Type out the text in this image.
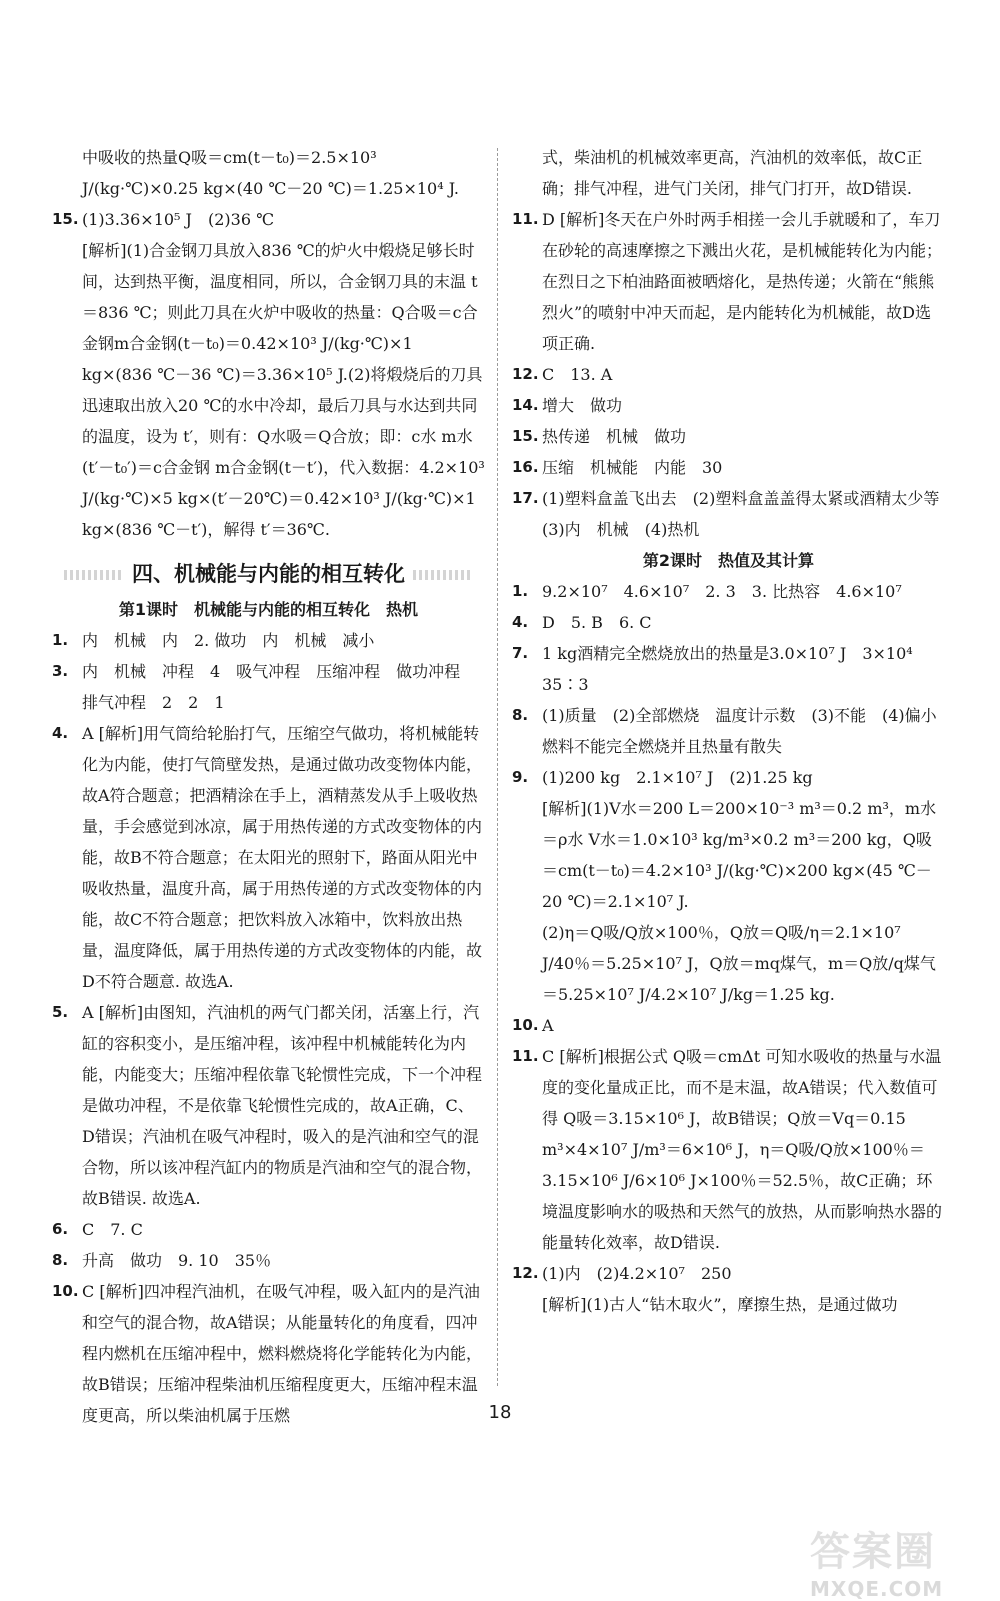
中吸收的热量Q吸＝cm(t－t₀)＝2.5×10³ J/(kg·℃)×0.25 kg×(40 ℃－20 ℃)＝1.25×10⁴ J.
15. (1)3.36×10⁵ J　(2)36 ℃
[解析](1)合金钢刀具放入836 ℃的炉火中煅烧足够长时间，达到热平衡，温度相同，所以，合金钢刀具的末温 t＝836 ℃；则此刀具在火炉中吸收的热量：Q合吸＝c合金钢m合金钢(t－t₀)＝0.42×10³ J/(kg·℃)×1 kg×(836 ℃－36 ℃)＝3.36×10⁵ J.(2)将煅烧后的刀具迅速取出放入20 ℃的水中冷却，最后刀具与水达到共同的温度，设为 t′，则有：Q水吸＝Q合放；即：c水 m水(t′－t₀′)＝c合金钢 m合金钢(t－t′)，代入数据：4.2×10³ J/(kg·℃)×5 kg×(t′－20℃)＝0.42×10³ J/(kg·℃)×1 kg×(836 ℃－t′)，解得 t′＝36℃.
四、机械能与内能的相互转化
第1课时　机械能与内能的相互转化　热机
1. 内　机械　内　2. 做功　内　机械　减小
3. 内　机械　冲程　4　吸气冲程　压缩冲程　做功冲程　排气冲程　2　2　1
4. A [解析]用气筒给轮胎打气，压缩空气做功，将机械能转化为内能，使打气筒壁发热，是通过做功改变物体内能，故A符合题意；把酒精涂在手上，酒精蒸发从手上吸收热量，手会感觉到冰凉，属于用热传递的方式改变物体的内能，故B不符合题意；在太阳光的照射下，路面从阳光中吸收热量，温度升高，属于用热传递的方式改变物体的内能，故C不符合题意；把饮料放入冰箱中，饮料放出热量，温度降低，属于用热传递的方式改变物体的内能，故D不符合题意. 故选A.
5. A [解析]由图知，汽油机的两气门都关闭，活塞上行，汽缸的容积变小，是压缩冲程，该冲程中机械能转化为内能，内能变大；压缩冲程依靠飞轮惯性完成，下一个冲程是做功冲程，不是依靠飞轮惯性完成的，故A正确，C、D错误；汽油机在吸气冲程时，吸入的是汽油和空气的混合物，所以该冲程汽缸内的物质是汽油和空气的混合物，故B错误. 故选A.
6. C　7. C
8. 升高　做功　9. 10　35％
10. C [解析]四冲程汽油机，在吸气冲程，吸入缸内的是汽油和空气的混合物，故A错误；从能量转化的角度看，四冲程内燃机在压缩冲程中，燃料燃烧将化学能转化为内能，故B错误；压缩冲程柴油机压缩程度更大，压缩冲程末温度更高，所以柴油机属于压燃
式，柴油机的机械效率更高，汽油机的效率低，故C正确；排气冲程，进气门关闭，排气门打开，故D错误.
11. D [解析]冬天在户外时两手相搓一会儿手就暖和了，车刀在砂轮的高速摩擦之下溅出火花，是机械能转化为内能；在烈日之下柏油路面被晒熔化，是热传递；火箭在“熊熊烈火”的喷射中冲天而起，是内能转化为机械能，故D选项正确.
12. C　13. A
14. 增大　做功
15. 热传递　机械　做功
16. 压缩　机械能　内能　30
17. (1)塑料盒盖飞出去　(2)塑料盒盖盖得太紧或酒精太少等　(3)内　机械　(4)热机
第2课时　热值及其计算
1. 9.2×10⁷　4.6×10⁷　2. 3　3. 比热容　4.6×10⁷
4. D　5. B　6. C
7. 1 kg酒精完全燃烧放出的热量是3.0×10⁷ J　3×10⁴　35∶3
8. (1)质量　(2)全部燃烧　温度计示数　(3)不能　(4)偏小　燃料不能完全燃烧并且热量有散失
9. (1)200 kg　2.1×10⁷ J　(2)1.25 kg
[解析](1)V水＝200 L＝200×10⁻³ m³＝0.2 m³，m水＝ρ水 V水＝1.0×10³ kg/m³×0.2 m³＝200 kg，Q吸＝cm(t－t₀)＝4.2×10³ J/(kg·℃)×200 kg×(45 ℃－20 ℃)＝2.1×10⁷ J.
(2)η＝Q吸/Q放×100％，Q放＝Q吸/η＝2.1×10⁷ J/40％＝5.25×10⁷ J，Q放＝mq煤气，m＝Q放/q煤气＝5.25×10⁷ J/4.2×10⁷ J/kg＝1.25 kg.
10. A
11. C [解析]根据公式 Q吸＝cmΔt 可知水吸收的热量与水温度的变化量成正比，而不是末温，故A错误；代入数值可得 Q吸＝3.15×10⁶ J，故B错误；Q放＝Vq＝0.15 m³×4×10⁷ J/m³＝6×10⁶ J，η＝Q吸/Q放×100％＝3.15×10⁶ J/6×10⁶ J×100％＝52.5％，故C正确；环境温度影响水的吸热和天然气的放热，从而影响热水器的能量转化效率，故D错误.
12. (1)内　(2)4.2×10⁷　250
[解析](1)古人“钻木取火”，摩擦生热，是通过做功
18
答案圈
MXQE.COM
